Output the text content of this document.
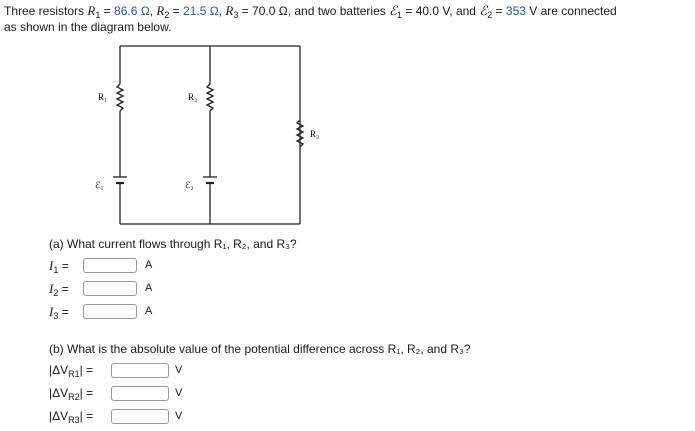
Three resistors $R_1 = 86.6$ Ω, $R_2 = 21.5$ Ω, $R_3 = 70.0$ Ω, and two batteries ℰ$_1$ = 40.0 V, and ℰ$_2$ = 353 V are connected
as shown in the diagram below.
R₁	R₂
R₃
ℰ₁	ℰ₂
(a) What current flows through R₁, R₂, and R₃?
$I_1$ =	A
$I_2$ =	A
$I_3$ =	A
(b) What is the absolute value of the potential difference across R₁, R₂, and R₃?
$|\Delta V_{R1}|$ =	V
$|\Delta V_{R2}|$ =	V
$|\Delta V_{R3}|$ =	V
